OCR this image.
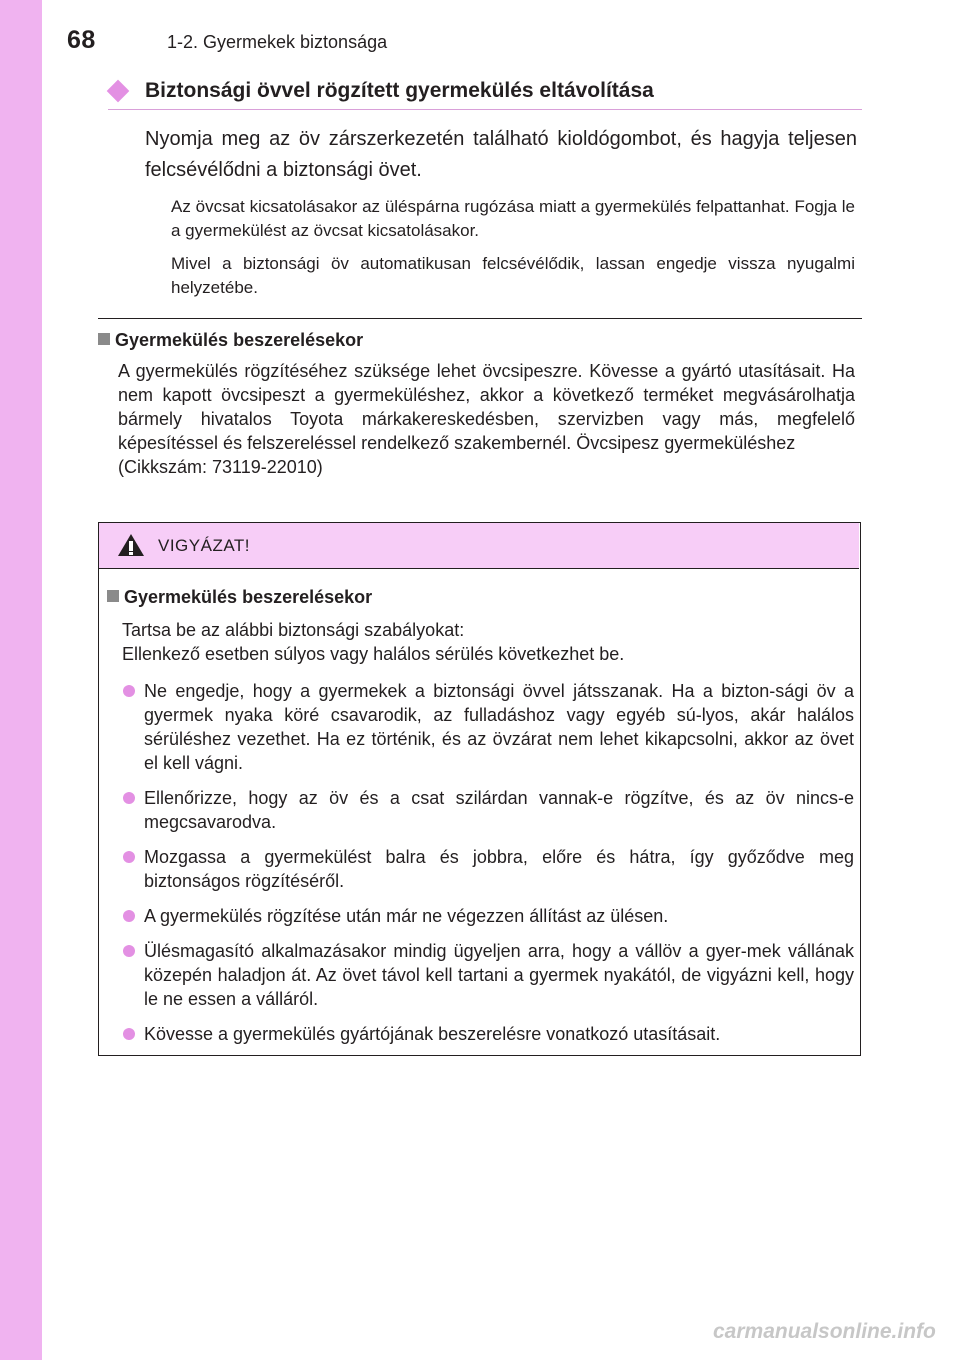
68	1-2. Gyermekek biztonsága
Biztonsági övvel rögzített gyermekülés eltávolítása
Nyomja meg az öv zárszerkezetén található kioldógombot, és hagyja teljesen felcsévélődni a biztonsági övet.
Az övcsat kicsatolásakor az üléspárna rugózása miatt a gyermekülés felpattanhat. Fogja le a gyermekülést az övcsat kicsatolásakor.
Mivel a biztonsági öv automatikusan felcsévélődik, lassan engedje vissza nyugalmi helyzetébe.
Gyermekülés beszerelésekor
A gyermekülés rögzítéséhez szüksége lehet övcsipeszre. Kövesse a gyártó utasításait. Ha nem kapott övcsipeszt a gyermeküléshez, akkor a következő terméket megvásárolhatja bármely hivatalos Toyota márkakereskedésben, szervizben vagy más, megfelelő képesítéssel és felszereléssel rendelkező szakembernél. Övcsipesz gyermeküléshez
(Cikkszám: 73119-22010)
VIGYÁZAT!
Gyermekülés beszerelésekor
Tartsa be az alábbi biztonsági szabályokat:
Ellenkező esetben súlyos vagy halálos sérülés következhet be.
Ne engedje, hogy a gyermekek a biztonsági övvel játsszanak. Ha a bizton-sági öv a gyermek nyaka köré csavarodik, az fulladáshoz vagy egyéb sú-lyos, akár halálos sérüléshez vezethet. Ha ez történik, és az övzárat nem lehet kikapcsolni, akkor az övet el kell vágni.
Ellenőrizze, hogy az öv és a csat szilárdan vannak-e rögzítve, és az öv nincs-e megcsavarodva.
Mozgassa a gyermekülést balra és jobbra, előre és hátra, így győződve meg biztonságos rögzítéséről.
A gyermekülés rögzítése után már ne végezzen állítást az ülésen.
Ülésmagasító alkalmazásakor mindig ügyeljen arra, hogy a vállöv a gyer-mek vállának közepén haladjon át. Az övet távol kell tartani a gyermek nyakától, de vigyázni kell, hogy le ne essen a válláról.
Kövesse a gyermekülés gyártójának beszerelésre vonatkozó utasításait.
carmanualsonline.info
